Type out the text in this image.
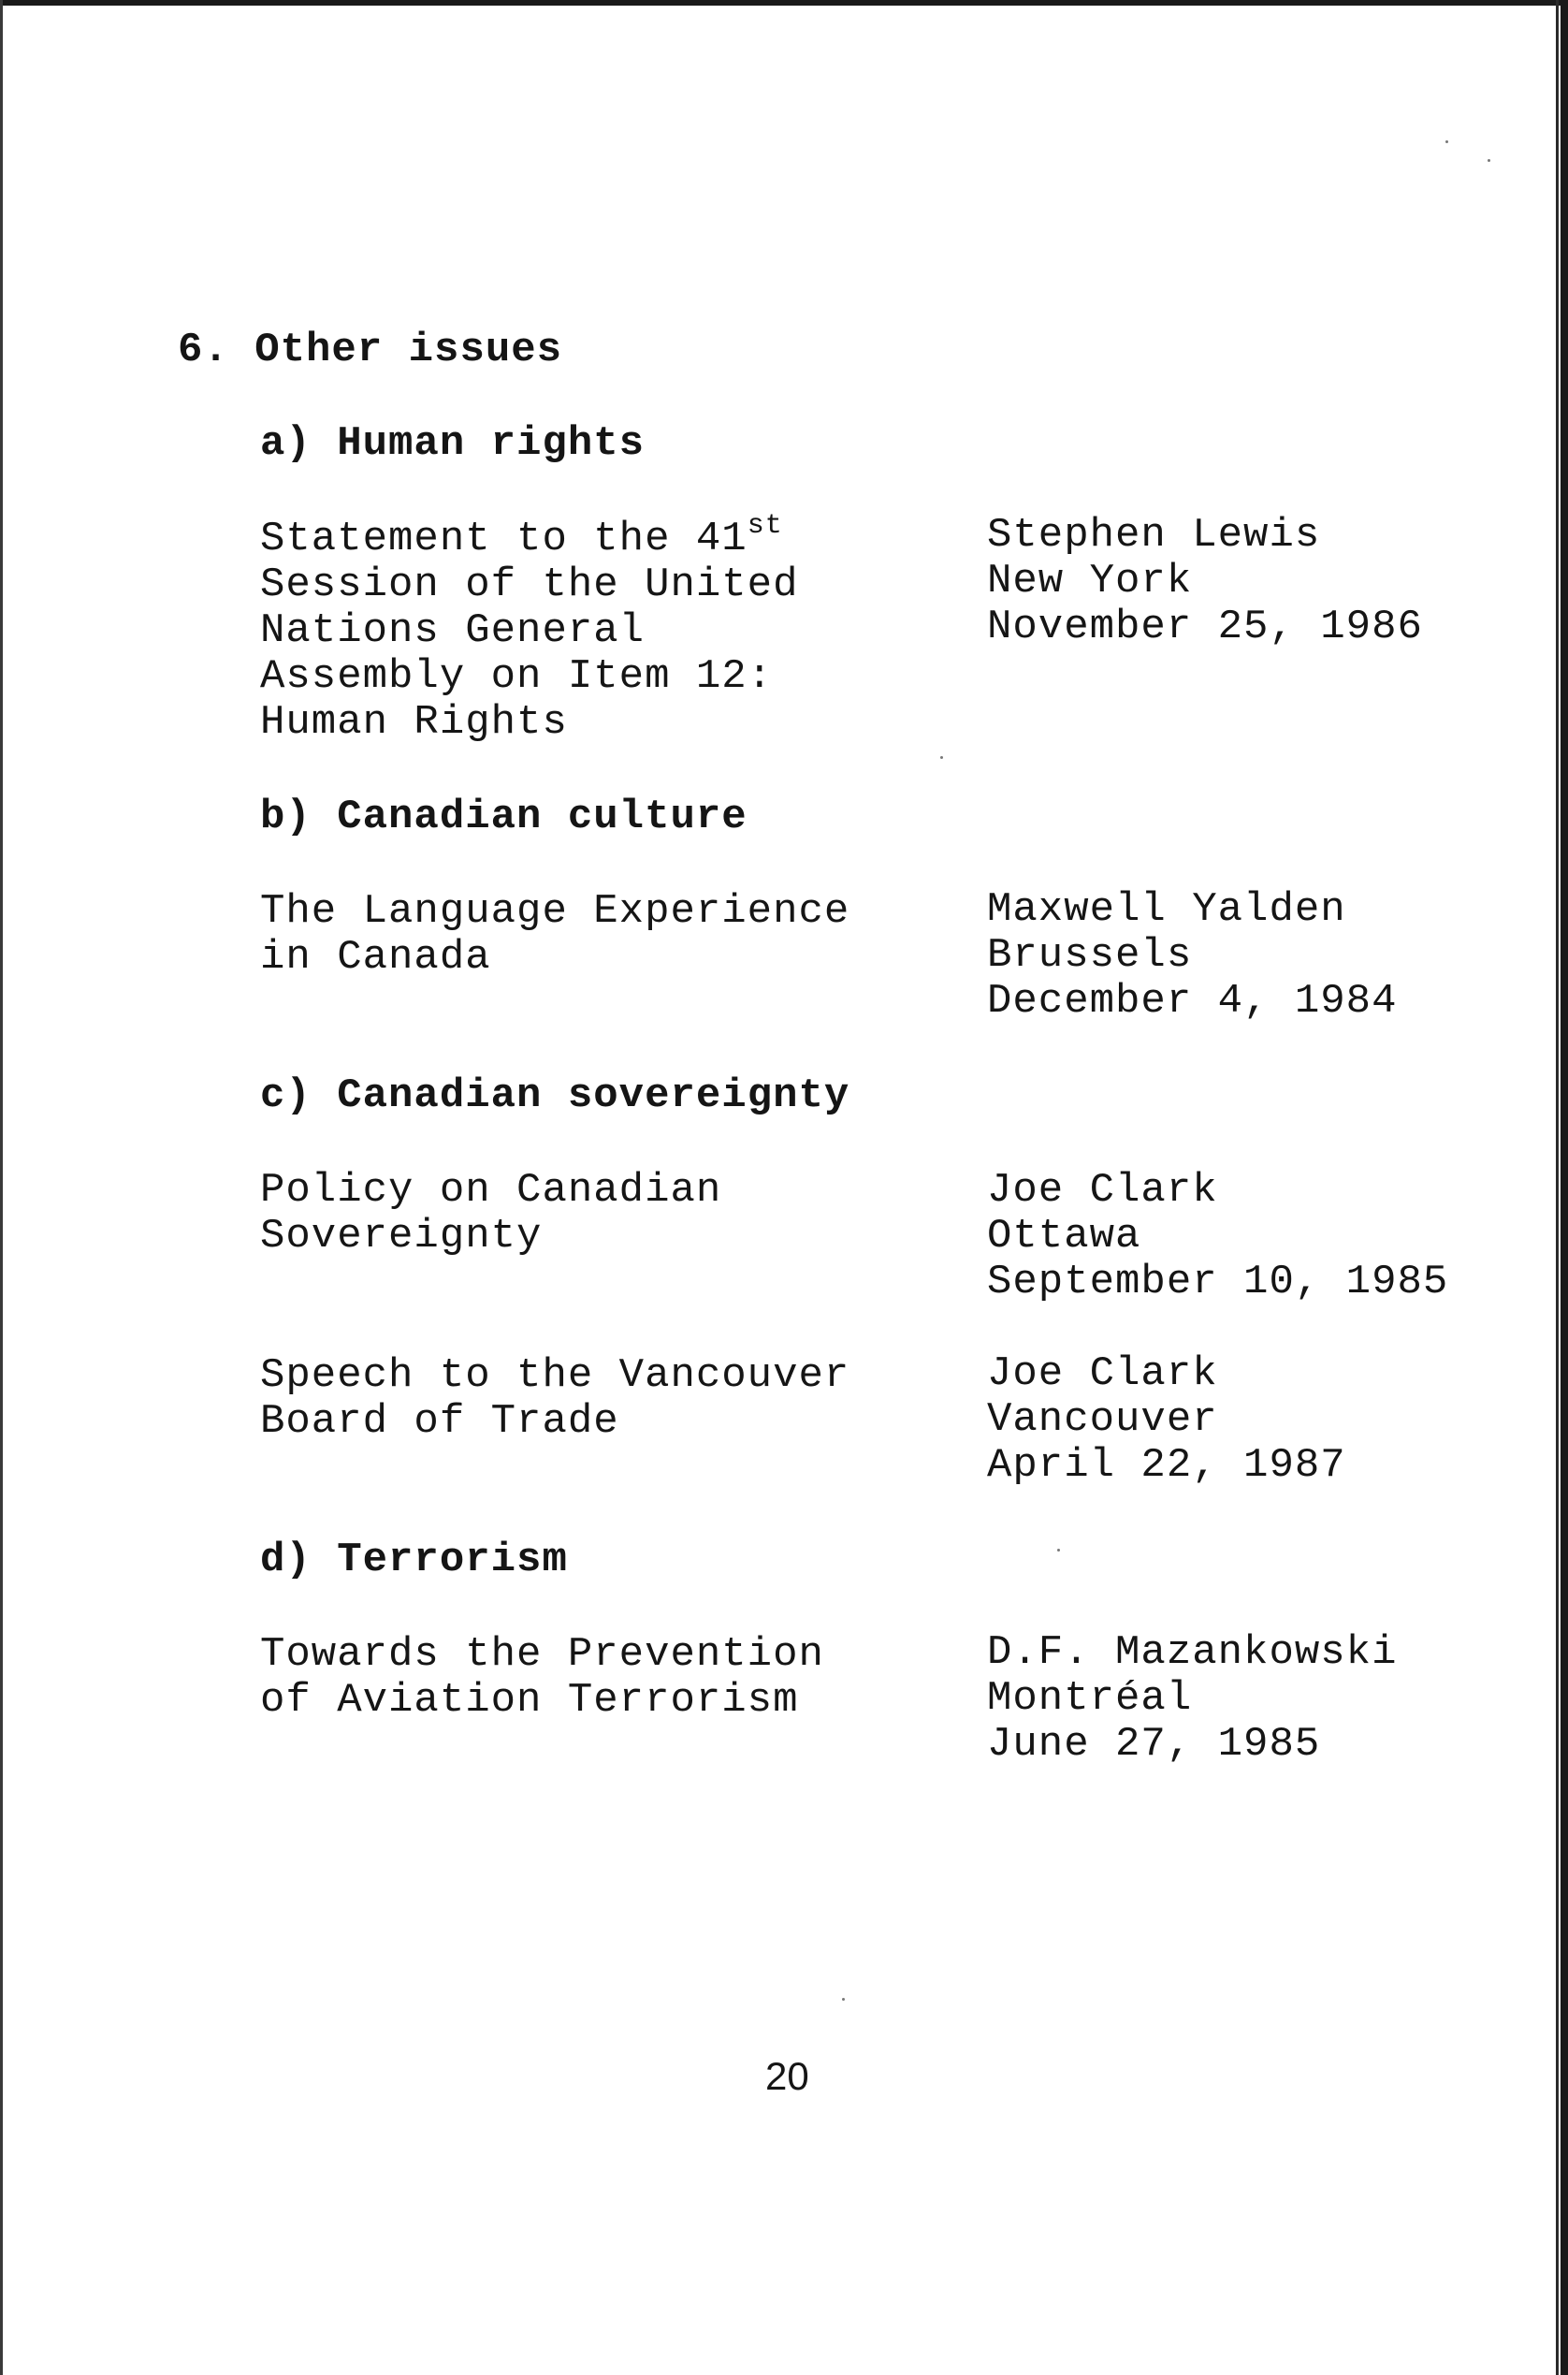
6. Other issues
a) Human rights
Statement to the 41st
Session of the United
Nations General
Assembly on Item 12:
Human Rights
Stephen Lewis
New York
November 25, 1986
b) Canadian culture
The Language Experience
in Canada
Maxwell Yalden
Brussels
December 4, 1984
c) Canadian sovereignty
Policy on Canadian
Sovereignty
Joe Clark
Ottawa
September 10, 1985
Speech to the Vancouver
Board of Trade
Joe Clark
Vancouver
April 22, 1987
d) Terrorism
Towards the Prevention
of Aviation Terrorism
D.F. Mazankowski
Montréal
June 27, 1985
20
